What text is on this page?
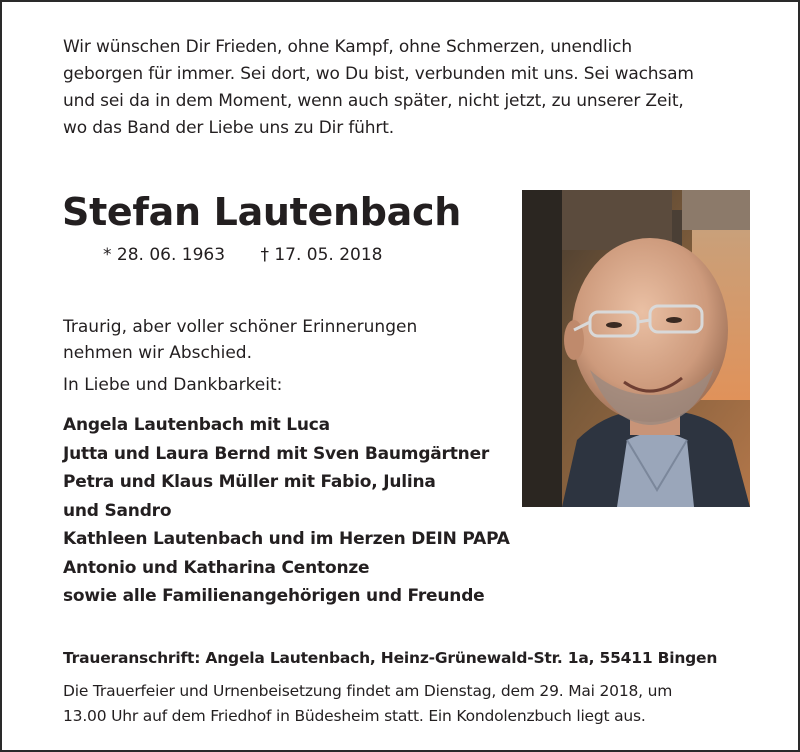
Wir wünschen Dir Frieden, ohne Kampf, ohne Schmerzen, unendlich
geborgen für immer. Sei dort, wo Du bist, verbunden mit uns. Sei wachsam
und sei da in dem Moment, wenn auch später, nicht jetzt, zu unserer Zeit,
wo das Band der Liebe uns zu Dir führt.

Stefan Lautenbach
* 28. 06. 1963 † 17. 05. 2018

Traurig, aber voller schöner Erinnerungen
nehmen wir Abschied.

In Liebe und Dankbarkeit:

Angela Lautenbach mit Luca
Jutta und Laura Bernd mit Sven Baumgärtner
Petra und Klaus Müller mit Fabio, Julina
und Sandro
Kathleen Lautenbach und im Herzen DEIN PAPA
Antonio und Katharina Centonze
sowie alle Familienangehörigen und Freunde

Traueranschrift: Angela Lautenbach, Heinz-Grünewald-Str. 1a, 55411 Bingen

Die Trauerfeier und Urnenbeisetzung findet am Dienstag, dem 29. Mai 2018, um
13.00 Uhr auf dem Friedhof in Büdesheim statt. Ein Kondolenzbuch liegt aus.
